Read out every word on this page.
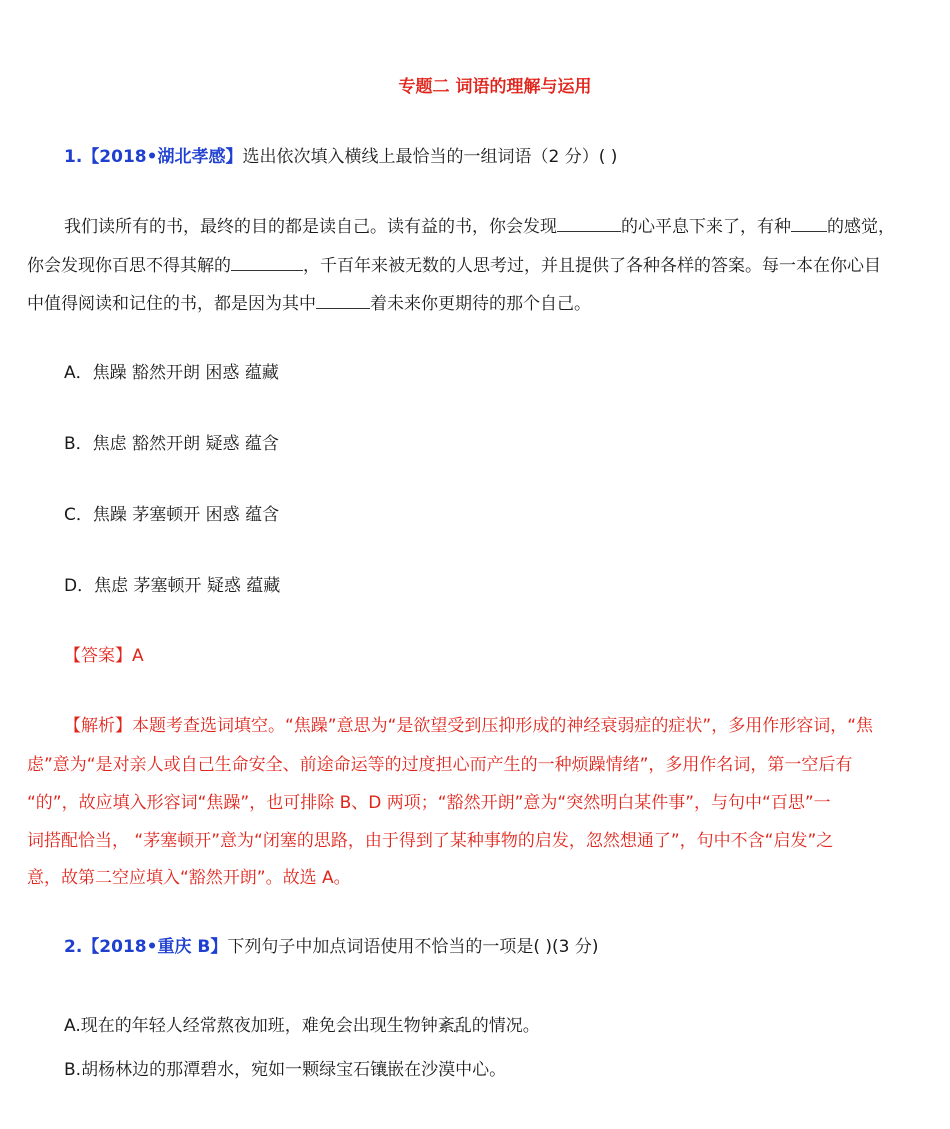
专题二 词语的理解与运用
1.【2018•湖北孝感】选出依次填入横线上最恰当的一组词语（2 分）( )
我们读所有的书，最终的目的都是读自己。读有益的书，你会发现	的心平息下来了，有种 的感觉，
你会发现你百思不得其解的	，千百年来被无数的人思考过，并且提供了各种各样的答案。每一本在你心目
中值得阅读和记住的书，都是因为其中	着未来你更期待的那个自己。
A．焦躁 豁然开朗 困惑 蕴藏
B．焦虑 豁然开朗 疑惑 蕴含
C．焦躁 茅塞顿开 困惑 蕴含
D．焦虑 茅塞顿开 疑惑 蕴藏
【答案】A
【解析】本题考查选词填空。“焦躁”意思为“是欲望受到压抑形成的神经衰弱症的症状”，多用作形容词，“焦
虑”意为“是对亲人或自己生命安全、前途命运等的过度担心而产生的一种烦躁情绪”，多用作名词，第一空后有
“的”，故应填入形容词“焦躁”，也可排除 B、D 两项；“豁然开朗”意为“突然明白某件事”，与句中“百思”一
词搭配恰当， “茅塞顿开”意为“闭塞的思路，由于得到了某种事物的启发，忽然想通了”，句中不含“启发”之
意，故第二空应填入“豁然开朗”。故选 A。
2.【2018•重庆 B】下列句子中加点词语使用不恰当的一项是( )(3 分)
A.现在的年轻人经常熬夜加班，难免会出现生物钟紊乱的情况。
B.胡杨林边的那潭碧水，宛如一颗绿宝石镶嵌在沙漠中心。
